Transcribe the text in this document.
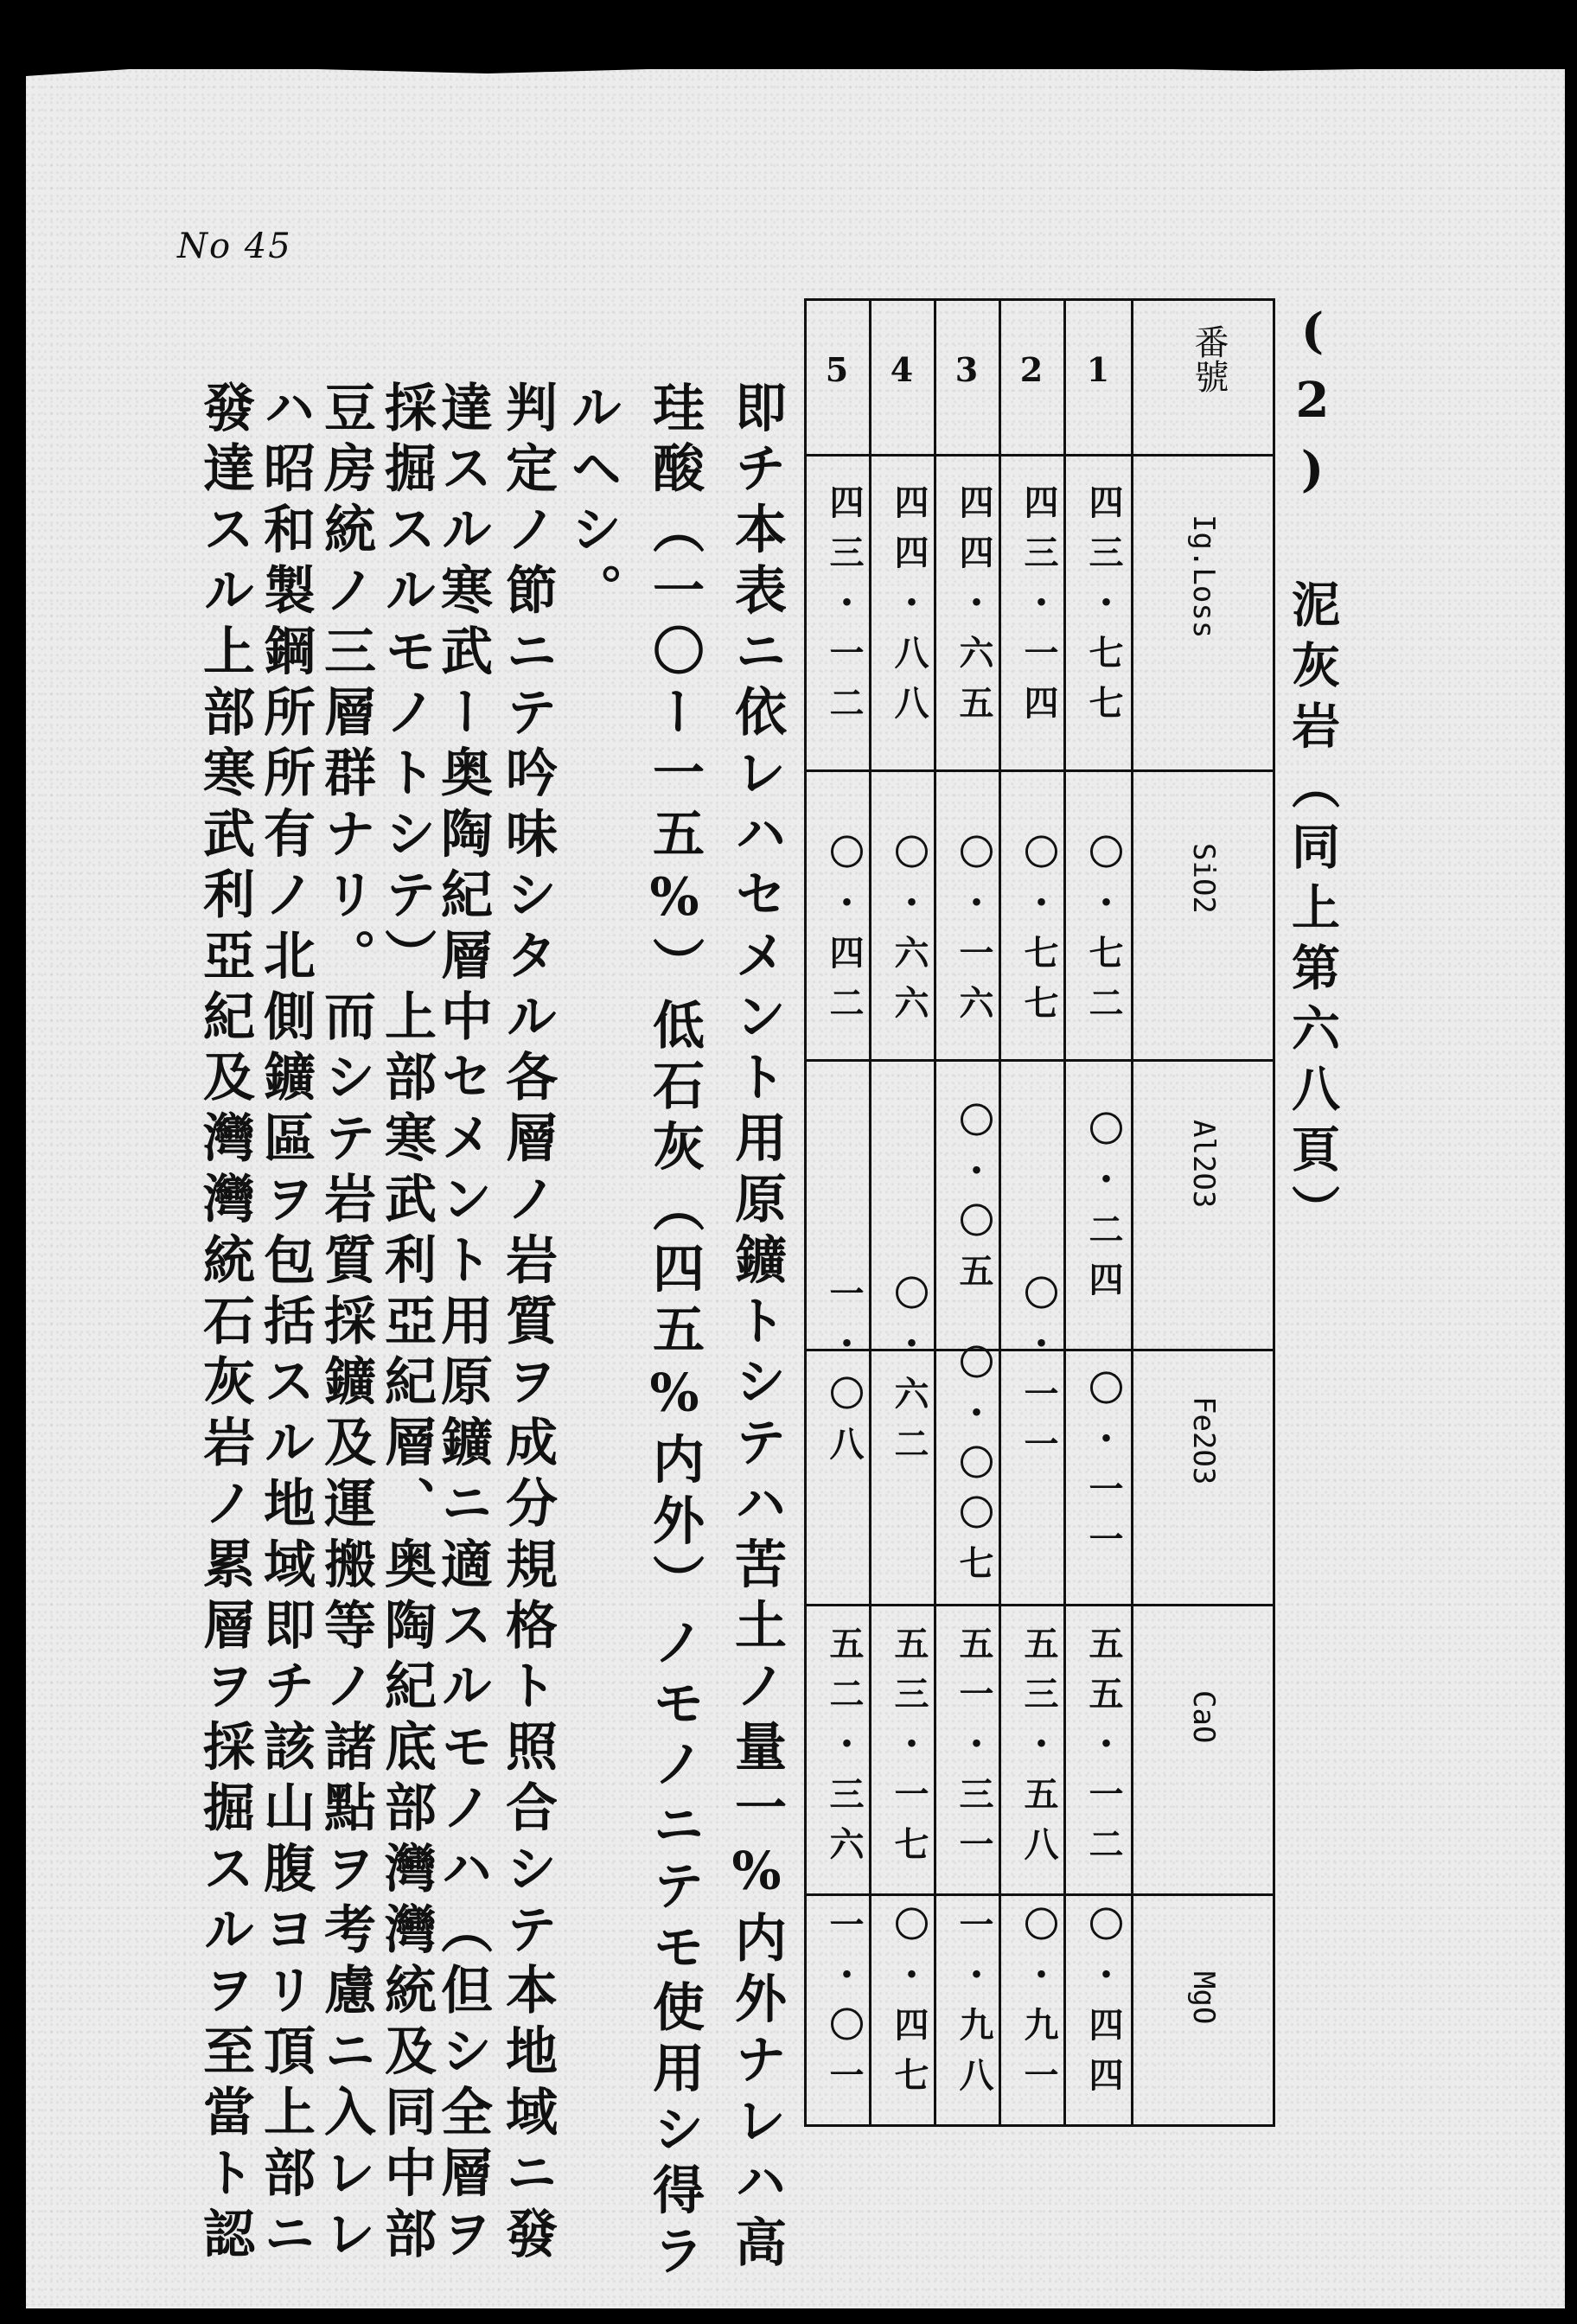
No 45
(2) 泥灰岩（同上第六八頁）
番號
Ig.Loss
SiO2
Al2O3
Fe2O3
CaO
MgO
1
2
3
4
5
四三・七七
〇・七二
〇・二四
〇・一一
五五・一二
〇・四四
四三・一四
〇・七七
〇・一一
五三・五八
〇・九一
四四・六五
〇・一六
〇・〇五
〇・〇〇七
五一・三一
一・九八
四四・八八
〇・六六
〇・六二
五三・一七
〇・四七
四三・一二
〇・四二
一・〇八
五二・三六
一・〇一
即チ本表ニ依レハセメント用原鑛トシテハ苦土ノ量一%内外ナレハ高
珪酸（一〇ー一五%）低石灰（四五%内外）ノモノニテモ使用シ得ラ
ルヘシ。
判定ノ節ニテ吟味シタル各層ノ岩質ヲ成分規格ト照合シテ本地域ニ發
達スル寒武ー奥陶紀層中セメント用原鑛ニ適スルモノハ（但シ全層ヲ
採掘スルモノトシテ）上部寒武利亞紀層、奥陶紀底部灣灣統及同中部
豆房統ノ三層群ナリ。而シテ岩質採鑛及運搬等ノ諸點ヲ考慮ニ入レレ
ハ昭和製鋼所所有ノ北側鑛區ヲ包括スル地域即チ該山腹ヨリ頂上部ニ
發達スル上部寒武利亞紀及灣灣統石灰岩ノ累層ヲ採掘スルヲ至當ト認
